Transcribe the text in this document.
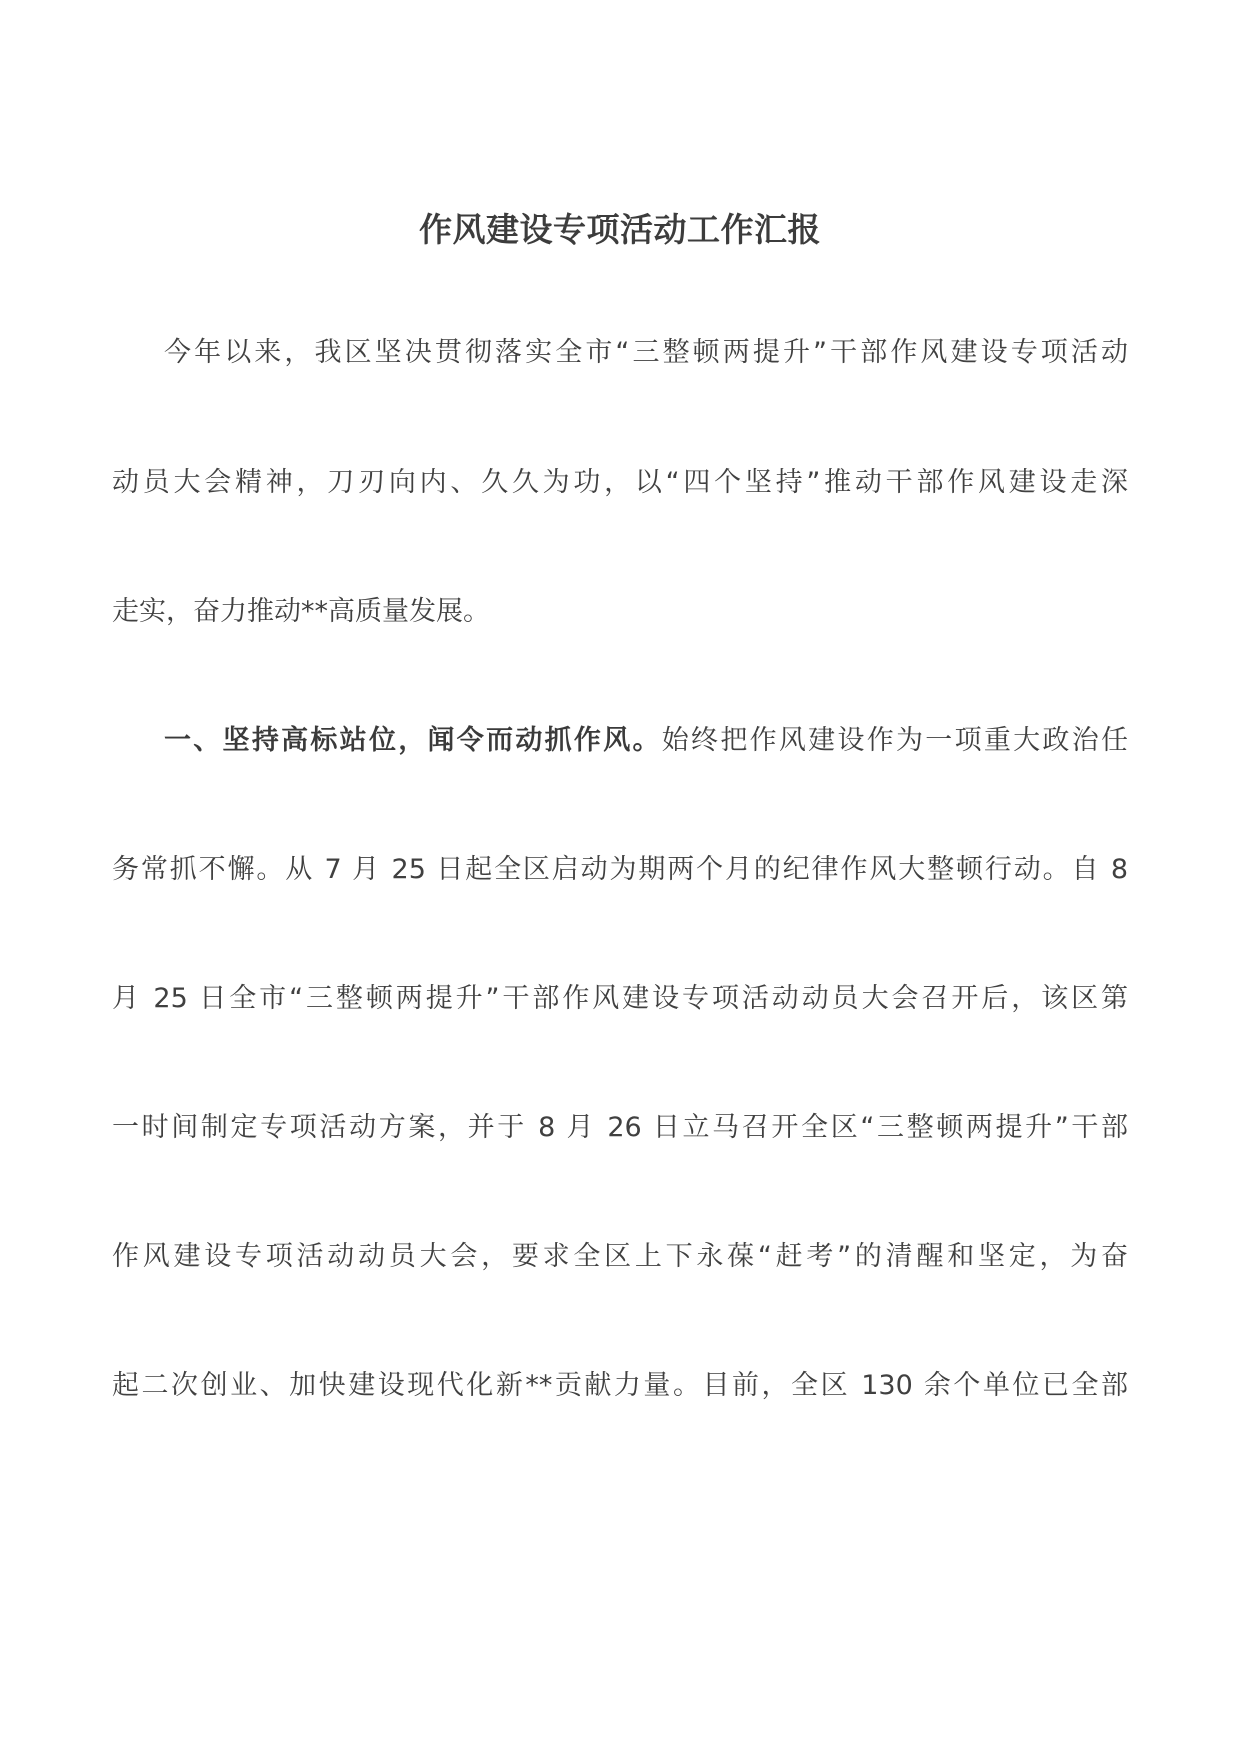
作风建设专项活动工作汇报
今年以来，我区坚决贯彻落实全市“三整顿两提升”干部作风建设专项活动
动员大会精神，刀刃向内、久久为功，以“四个坚持”推动干部作风建设走深
走实，奋力推动**高质量发展。
一、坚持高标站位，闻令而动抓作风。始终把作风建设作为一项重大政治任
务常抓不懈。从 7 月 25 日起全区启动为期两个月的纪律作风大整顿行动。自 8
月 25 日全市“三整顿两提升”干部作风建设专项活动动员大会召开后，该区第
一时间制定专项活动方案，并于 8 月 26 日立马召开全区“三整顿两提升”干部
作风建设专项活动动员大会，要求全区上下永葆“赶考”的清醒和坚定，为奋
起二次创业、加快建设现代化新**贡献力量。目前，全区 130 余个单位已全部
